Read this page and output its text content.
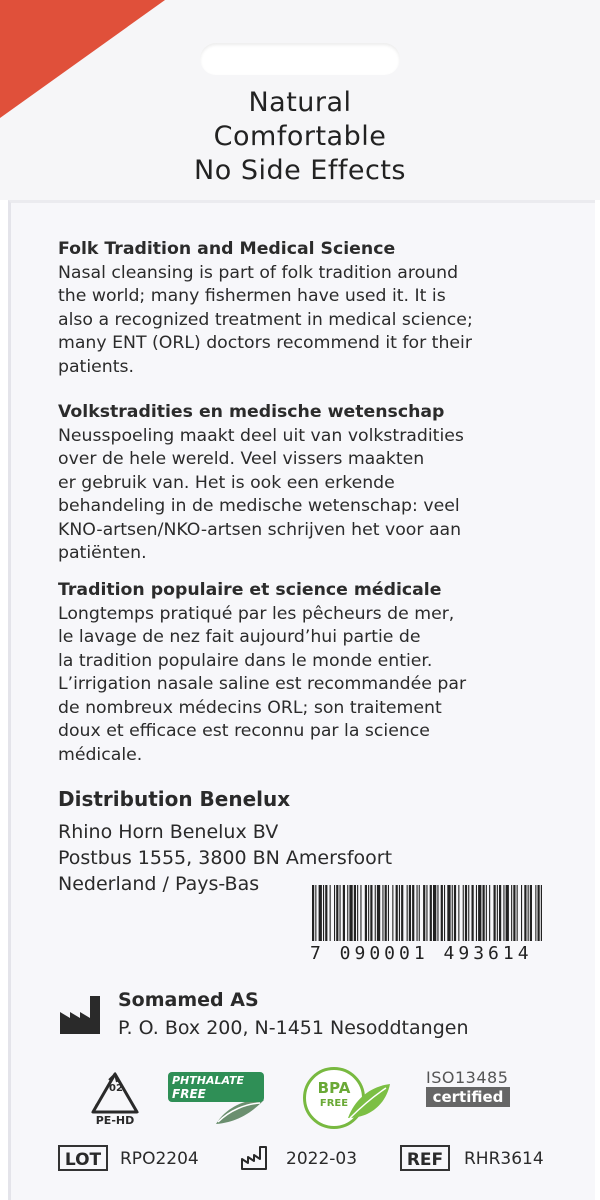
Natural
Comfortable
No Side Effects
Folk Tradition and Medical Science
Nasal cleansing is part of folk tradition around
the world; many fishermen have used it. It is
also a recognized treatment in medical science;
many ENT (ORL) doctors recommend it for their
patients.
Volkstradities en medische wetenschap
Neusspoeling maakt deel uit van volkstradities
over de hele wereld. Veel vissers maakten
er gebruik van. Het is ook een erkende
behandeling in de medische wetenschap: veel
KNO-artsen/NKO-artsen schrijven het voor aan
patiënten.
Tradition populaire et science médicale
Longtemps pratiqué par les pêcheurs de mer,
le lavage de nez fait aujourd’hui partie de
la tradition populaire dans le monde entier.
L’irrigation nasale saline est recommandée par
de nombreux médecins ORL; son traitement
doux et efficace est reconnu par la science
médicale.
Distribution Benelux
Rhino Horn Benelux BV
Postbus 1555, 3800 BN Amersfoort
Nederland / Pays-Bas
7 090001 493614
Somamed AS
P. O. Box 200, N-1451 Nesoddtangen
02
PE-HD
PHTHALATE
FREE	BPA
FREE
ISO13485
certified
LOT	RPO2204	2022-03	REF	RHR3614
